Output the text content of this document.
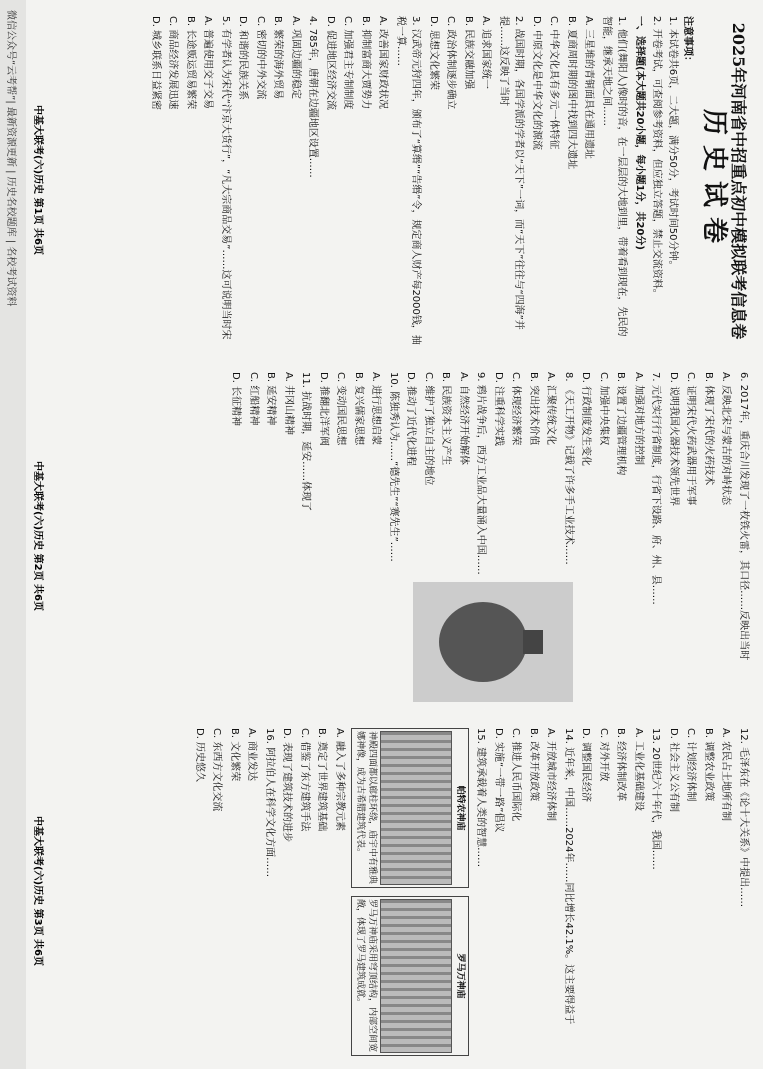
2025年河南省中招重点初中模拟联考信息卷
历史试卷
注意事项：
1. 本试卷共6页，二大题，满分50分，考试时间50分钟。
2. 开卷考试，可查阅参考资料，但应独立答题，禁止交流资料。
一、选择题(本大题共20小题，每小题1分，共20分)
1. 他们(舞阳人)像时的音，在一层层的大地到里，带着看到现在，先民的智能，继承天地之间……
A. 三星堆的青铜面具在通用遗址
B. 夏商周时期的图中找到四大遗址
C. 中华文化具有多元一体特征
D. 中原文化是中华文化的源流
2. 战国时期，各国学派的学者以“天下”一词，而“天下”往往与“四海”并提……这反映了当时
A. 追求国家统一
B. 民族交融加强
C. 政治体制逐步确立
D. 思想文化繁荣
3. 汉武帝元狩四年，颁布了“算缗”“告缗”令，规定商人财产每2000钱，抽税一算……
A. 改善国家财政状况
B. 抑制富商大贾势力
C. 加强君主专制制度
D. 促进地区经济交流
4. 785年，唐朝在边疆地区设置……
A. 巩固边疆的稳定
B. 繁荣的海外贸易
C. 密切的中外交流
D. 和谐的民族关系
5. 有学者认为宋代“汴京大货行”，“凡大宗商品交易”……这可说明当时宋
A. 普遍使用交子交易
B. 长途贩运贸易繁荣
C. 商品经济发展迅速
D. 城乡联系日益紧密
中基大联考(六)历史 第1页 共6页
6. 2017年，重庆合川发现了一枚铁火雷，其口径……反映出当时
A. 反映北宋与蒙古的对峙状态
B. 体现了宋代的火药技术
C. 证明宋代火药武器用于军事
D. 说明我国火器技术领先世界
7. 元代实行行省制度，行省下设路、府、州、县……
A. 加强对地方的控制
B. 设置了边疆管理机构
C. 加强中央集权
D. 行政制度发生变化
8. 《天工开物》记载了许多手工业技术……
A. 汇聚传统文化
B. 突出技术价值
C. 体现经济繁荣
D. 注重科学实践
9. 鸦片战争后，西方工业品大量涌入中国……
A. 自然经济开始解体
B. 民族资本主义产生
C. 维护了独立自主的地位
D. 推动了近代化进程
10. 陈独秀认为……“德先生”“赛先生”……
A. 进行思想启蒙
B. 复兴儒家思想
C. 变动国民思想
D. 推翻北洋军阀
11. 抗战时期，延安……体现了
A. 井冈山精神
B. 延安精神
C. 红船精神
D. 长征精神
中基大联考(六)历史 第2页 共6页
12. 毛泽东在《论十大关系》中提出……
A. 农民占土地所有制
B. 调整农业政策
C. 计划经济体制
D. 社会主义公有制
13. 20世纪六十年代，我国……
A. 工业化基础建设
B. 经济体制改革
C. 对外开放
D. 调整国民经济
14. 近年来，中国……2024年……同比增长42.1%。这主要得益于
A. 开放城市经济体制
B. 改革开放政策
C. 推进人民币国际化
D. 实施“一带一路”倡议
15. 建筑承载着人类的智慧……
帕特农神庙
神殿四面都以廊柱环绕，庙宇中有雅典娜神像，成为古希腊建筑代表。
罗马万神庙
罗马万神庙采用穹顶结构，内部空间宽敞，体现了罗马建筑成就。
A. 融入了多种宗教元素
B. 奠定了世界建筑基础
C. 借鉴了东方建筑手法
D. 表现了建筑技术的进步
16. 阿拉伯人在科学文化方面……
A. 商业发达
B. 文化繁荣
C. 东西方文化交流
D. 历史悠久
中基大联考(六)历史 第3页 共6页
微信公众号“云考帮”| 最新资源更新 | 历史名校题库 | 名校考试资料
